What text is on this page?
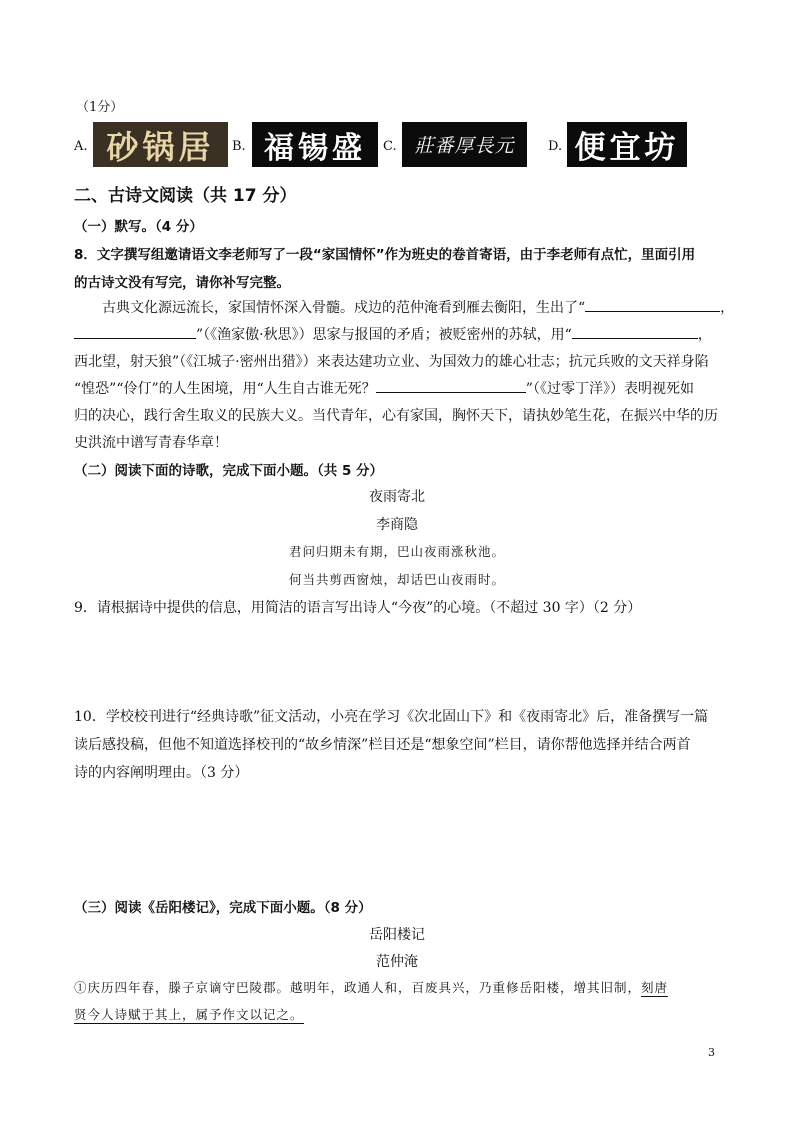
（1分）
A. 砂锅居 B. 福锡盛 C. 莊番厚長元	D. 便宜坊
二、古诗文阅读（共 17 分）
（一）默写。（4 分）
8．文字撰写组邀请语文李老师写了一段“家国情怀”作为班史的卷首寄语，由于李老师有点忙，里面引用
的古诗文没有写完，请你补写完整。
古典文化源远流长，家国情怀深入骨髓。戍边的范仲淹看到雁去衡阳，生出了“	，
”（《渔家傲·秋思》）思家与报国的矛盾；被贬密州的苏轼，用“	，
西北望，射天狼”（《江城子·密州出猎》）来表达建功立业、为国效力的雄心壮志；抗元兵败的文天祥身陷
“惶恐”“伶仃”的人生困境，用“人生自古谁无死？	”（《过零丁洋》）表明视死如
归的决心，践行舍生取义的民族大义。当代青年，心有家国，胸怀天下，请执妙笔生花，在振兴中华的历
史洪流中谱写青春华章！
（二）阅读下面的诗歌，完成下面小题。（共 5 分）
夜雨寄北
李商隐
君问归期未有期，巴山夜雨涨秋池。
何当共剪西窗烛，却话巴山夜雨时。
9．请根据诗中提供的信息，用简洁的语言写出诗人“今夜”的心境。（不超过 30 字）（2 分）
10．学校校刊进行“经典诗歌”征文活动，小亮在学习《次北固山下》和《夜雨寄北》后，准备撰写一篇
读后感投稿，但他不知道选择校刊的“故乡情深”栏目还是“想象空间”栏目，请你帮他选择并结合两首
诗的内容阐明理由。（3 分）
（三）阅读《岳阳楼记》，完成下面小题。（8 分）
岳阳楼记
范仲淹
①庆历四年春，滕子京谪守巴陵郡。越明年，政通人和，百废具兴，乃重修岳阳楼，增其旧制，刻唐
贤今人诗赋于其上，属予作文以记之。
3
